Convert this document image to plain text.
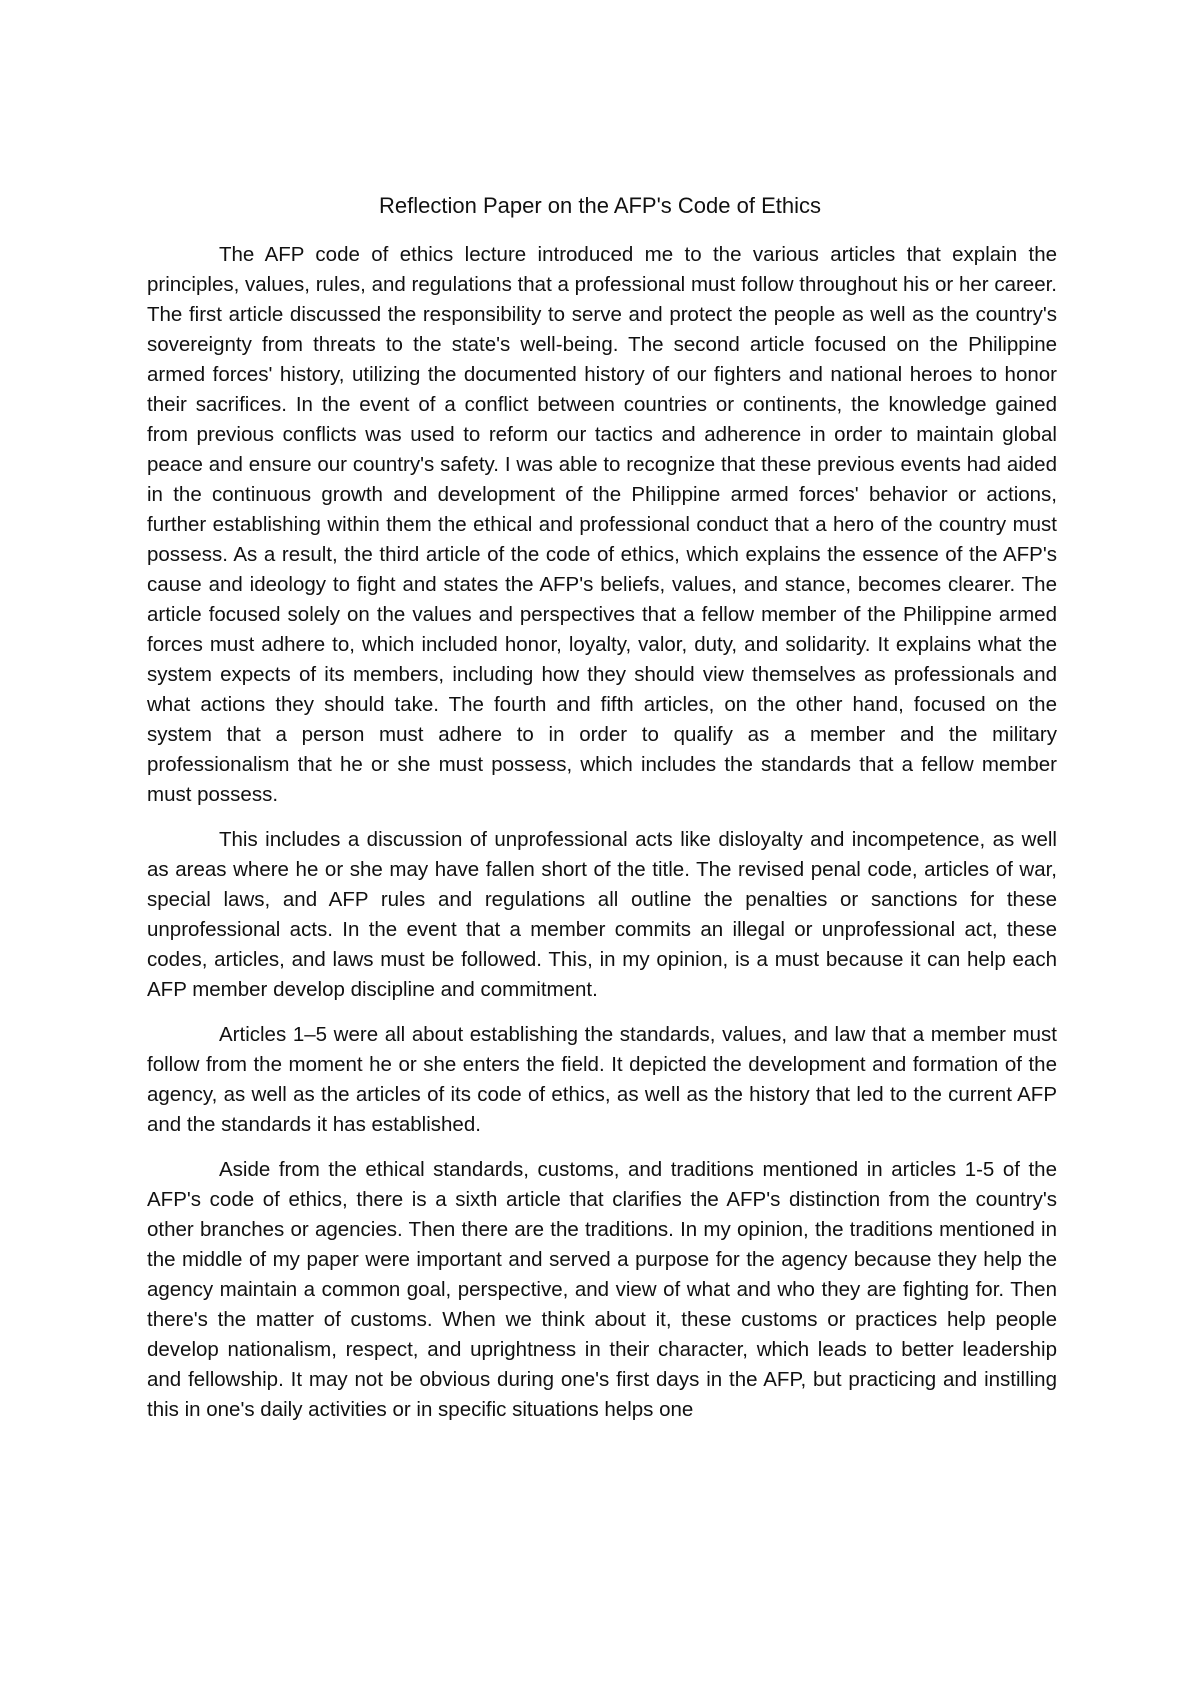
Reflection Paper on the AFP's Code of Ethics

The AFP code of ethics lecture introduced me to the various articles that explain the principles, values, rules, and regulations that a professional must follow throughout his or her career. The first article discussed the responsibility to serve and protect the people as well as the country's sovereignty from threats to the state's well-being. The second article focused on the Philippine armed forces' history, utilizing the documented history of our fighters and national heroes to honor their sacrifices. In the event of a conflict between countries or continents, the knowledge gained from previous conflicts was used to reform our tactics and adherence in order to maintain global peace and ensure our country's safety. I was able to recognize that these previous events had aided in the continuous growth and development of the Philippine armed forces' behavior or actions, further establishing within them the ethical and professional conduct that a hero of the country must possess. As a result, the third article of the code of ethics, which explains the essence of the AFP's cause and ideology to fight and states the AFP's beliefs, values, and stance, becomes clearer. The article focused solely on the values and perspectives that a fellow member of the Philippine armed forces must adhere to, which included honor, loyalty, valor, duty, and solidarity. It explains what the system expects of its members, including how they should view themselves as professionals and what actions they should take. The fourth and fifth articles, on the other hand, focused on the system that a person must adhere to in order to qualify as a member and the military professionalism that he or she must possess, which includes the standards that a fellow member must possess.

This includes a discussion of unprofessional acts like disloyalty and incompetence, as well as areas where he or she may have fallen short of the title. The revised penal code, articles of war, special laws, and AFP rules and regulations all outline the penalties or sanctions for these unprofessional acts. In the event that a member commits an illegal or unprofessional act, these codes, articles, and laws must be followed. This, in my opinion, is a must because it can help each AFP member develop discipline and commitment.

Articles 1–5 were all about establishing the standards, values, and law that a member must follow from the moment he or she enters the field. It depicted the development and formation of the agency, as well as the articles of its code of ethics, as well as the history that led to the current AFP and the standards it has established.

Aside from the ethical standards, customs, and traditions mentioned in articles 1-5 of the AFP's code of ethics, there is a sixth article that clarifies the AFP's distinction from the country's other branches or agencies. Then there are the traditions. In my opinion, the traditions mentioned in the middle of my paper were important and served a purpose for the agency because they help the agency maintain a common goal, perspective, and view of what and who they are fighting for. Then there's the matter of customs. When we think about it, these customs or practices help people develop nationalism, respect, and uprightness in their character, which leads to better leadership and fellowship. It may not be obvious during one's first days in the AFP, but practicing and instilling this in one's daily activities or in specific situations helps one
